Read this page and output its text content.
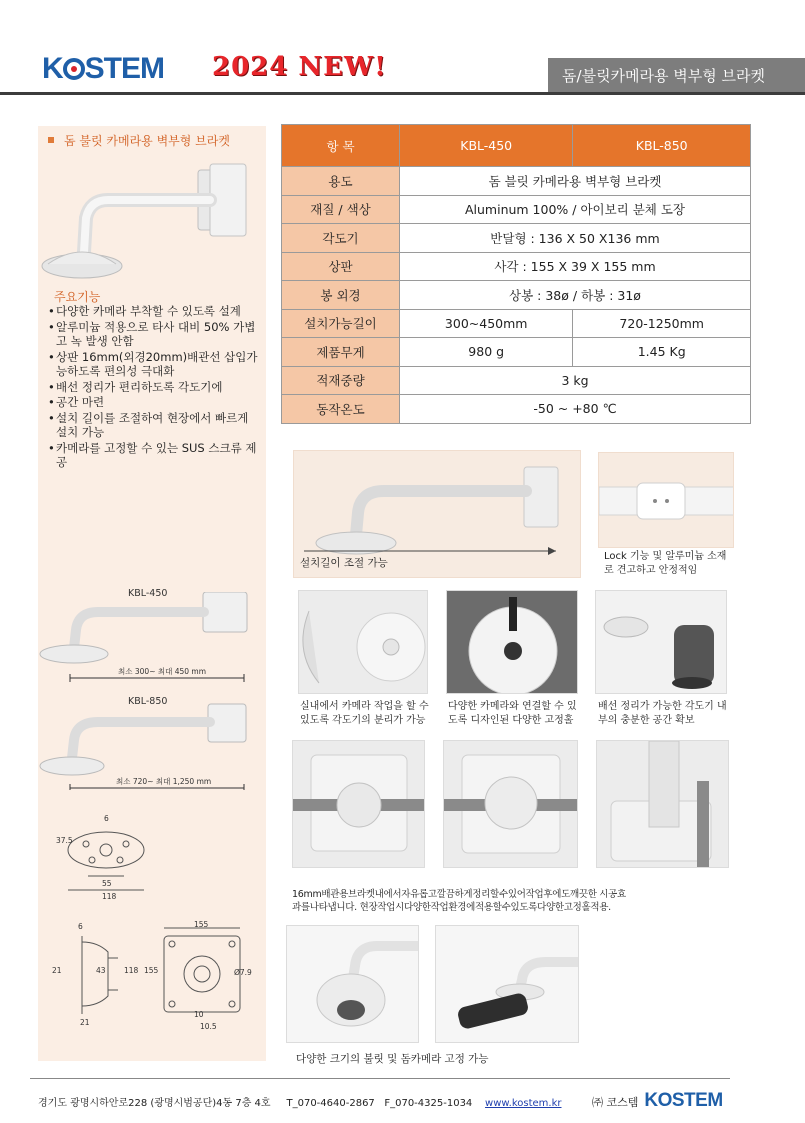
K STEM 2024 NEW!	돔/불릿카메라용 벽부형 브라켓
돔 불릿 카메라용 벽부형 브라켓
주요기능
• 다양한 카메라 부착할 수 있도록 설계
• 알루미늄 적용으로 타사 대비 50% 가볍고 녹 발생 안함
• 상판 16mm(외경20mm)배관선 삽입가능하도록 편의성 극대화
• 배선 정리가 편리하도록 각도기에
• 공간 마련
• 설치 길이를 조절하여 현장에서 빠르게 설치 가능
• 카메라를 고정할 수 있는 SUS 스크류 제공
KBL-450
최소 300~ 최대 450 mm
KBL-850
최소 720~ 최대 1,250 mm
6
37.5
55
118
155
6
21	43 118
21
155	Ø7.9
10
10.5
항 목	KBL-450	KBL-850
용도	돔 블릿 카메라용 벽부형 브라켓	
재질 / 색상	Aluminum 100% / 아이보리 분체 도장	
각도기	반달형 : 136 X 50 X136 mm	
상판	사각 : 155 X 39 X 155 mm	
봉 외경	상봉 : 38ø / 하봉 : 31ø	
설치가능길이	300~450mm	720-1250mm
제품무게	980 g	1.45 Kg
적재중량	3 kg	
동작온도	-50 ~ +80 ℃	
설치길이 조절 가능
Lock 기능 및 알루미늄 소재로 견고하고 안정적임
실내에서 카메라 작업을 할 수 있도록 각도기의 분리가 가능
다양한 카메라와 연결할 수 있도록 디자인된 다양한 고정홀
배선 정리가 가능한 각도기 내부의 충분한 공간 확보
16mm배관용브라켓내에서자유롭고깔끔하게정리할수있어작업후에도깨끗한 시공효
과를나타냅니다. 현장작업시다양한작업환경에적용할수있도록다양한고정홀적용.
다양한 크기의 불릿 및 돔카메라 고정 가능
경기도 광명시하안로228 (광명시범공단)4동 7층 4호 T_070-4640-2867 F_070-4325-1034 www.kostem.kr	㈜ 코스템 KOSTEM
